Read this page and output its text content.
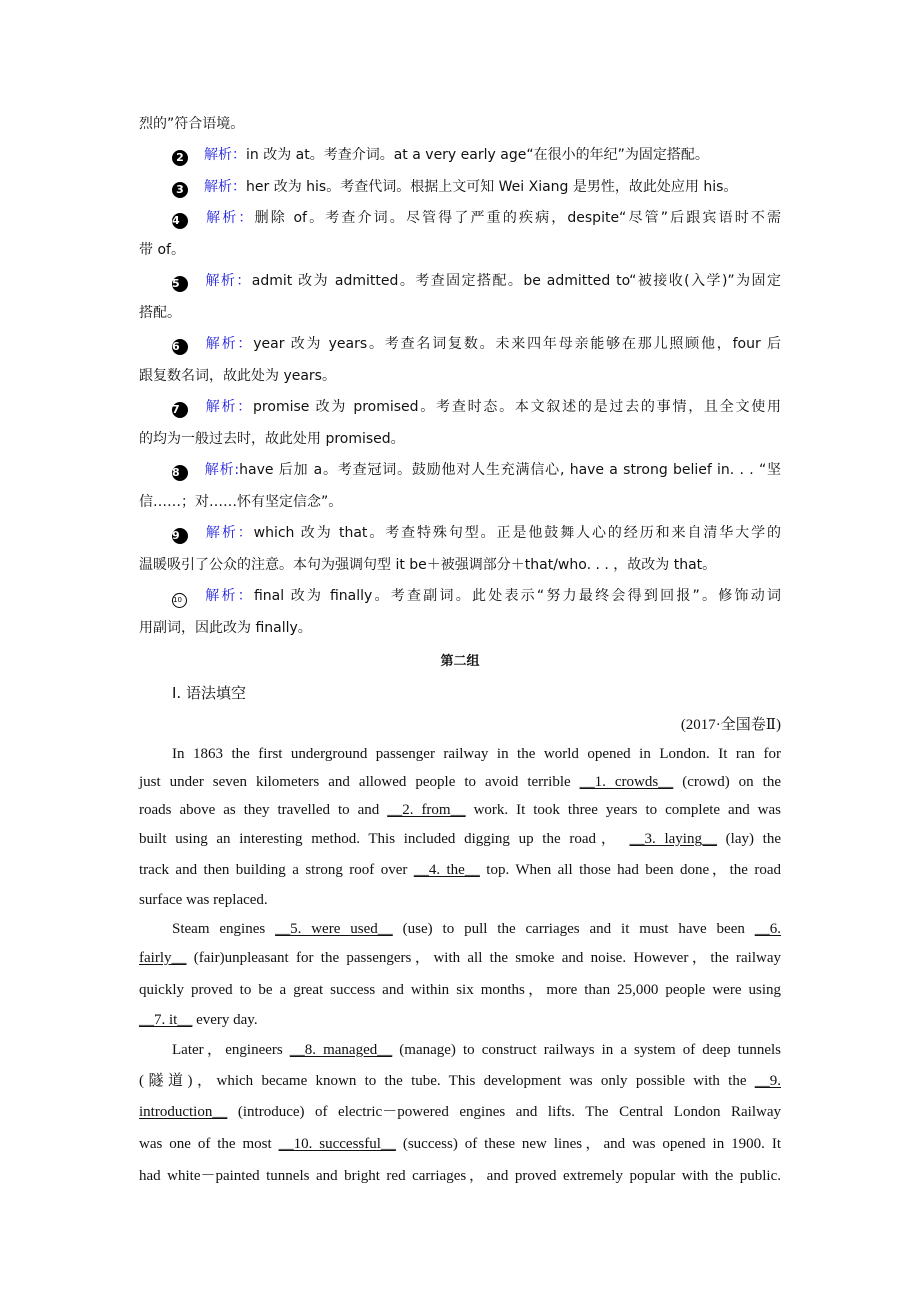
烈的”符合语境。
2 解析：in 改为 at。考查介词。at a very early age“在很小的年纪”为固定搭配。
3 解析：her 改为 his。考查代词。根据上文可知 Wei Xiang 是男性，故此处应用 his。
4 解析：删除 of。考查介词。尽管得了严重的疾病，despite“尽管”后跟宾语时不需
带 of。
5 解析：admit 改为 admitted。考查固定搭配。be admitted to“被接收(入学)”为固定
搭配。
6 解析：year 改为 years。考查名词复数。未来四年母亲能够在那儿照顾他，four 后
跟复数名词，故此处为 years。
7 解析：promise 改为 promised。考查时态。本文叙述的是过去的事情，且全文使用
的均为一般过去时，故此处用 promised。
8 解析:have 后加 a。考查冠词。鼓励他对人生充满信心, have a strong belief in. . . “坚
信……；对……怀有坚定信念”。
9 解析：which 改为 that。考查特殊句型。正是他鼓舞人心的经历和来自清华大学的
温暖吸引了公众的注意。本句为强调句型 it be＋被强调部分＋that/who. . . ，故改为 that。
10 解析：final 改为 finally。考查副词。此处表示“努力最终会得到回报”。修饰动词
用副词，因此改为 finally。
第二组
Ⅰ. 语法填空
(2017·全国卷Ⅱ)
In 1863 the first underground passenger railway in the world opened in London. It ran for
just under seven kilometers and allowed people to avoid terrible __1. crowds__ (crowd) on the
roads above as they travelled to and __2. from__ work. It took three years to complete and was
built using an interesting method. This included digging up the road， __3. laying__ (lay) the
track and then building a strong roof over __4. the__ top. When all those had been done，the road
surface was replaced.
Steam engines __5. were used__ (use) to pull the carriages and it must have been __6.
fairly__ (fair)unpleasant for the passengers，with all the smoke and noise. However，the railway
quickly proved to be a great success and within six months，more than 25,000 people were using
__7. it__ every day.
Later，engineers __8. managed__ (manage) to construct railways in a system of deep tunnels
(隧道)，which became known to the tube. This development was only possible with the __9.
introduction__ (introduce) of electric－powered engines and lifts. The Central London Railway
was one of the most __10. successful__ (success) of these new lines，and was opened in 1900. It
had white－painted tunnels and bright red carriages，and proved extremely popular with the public.
